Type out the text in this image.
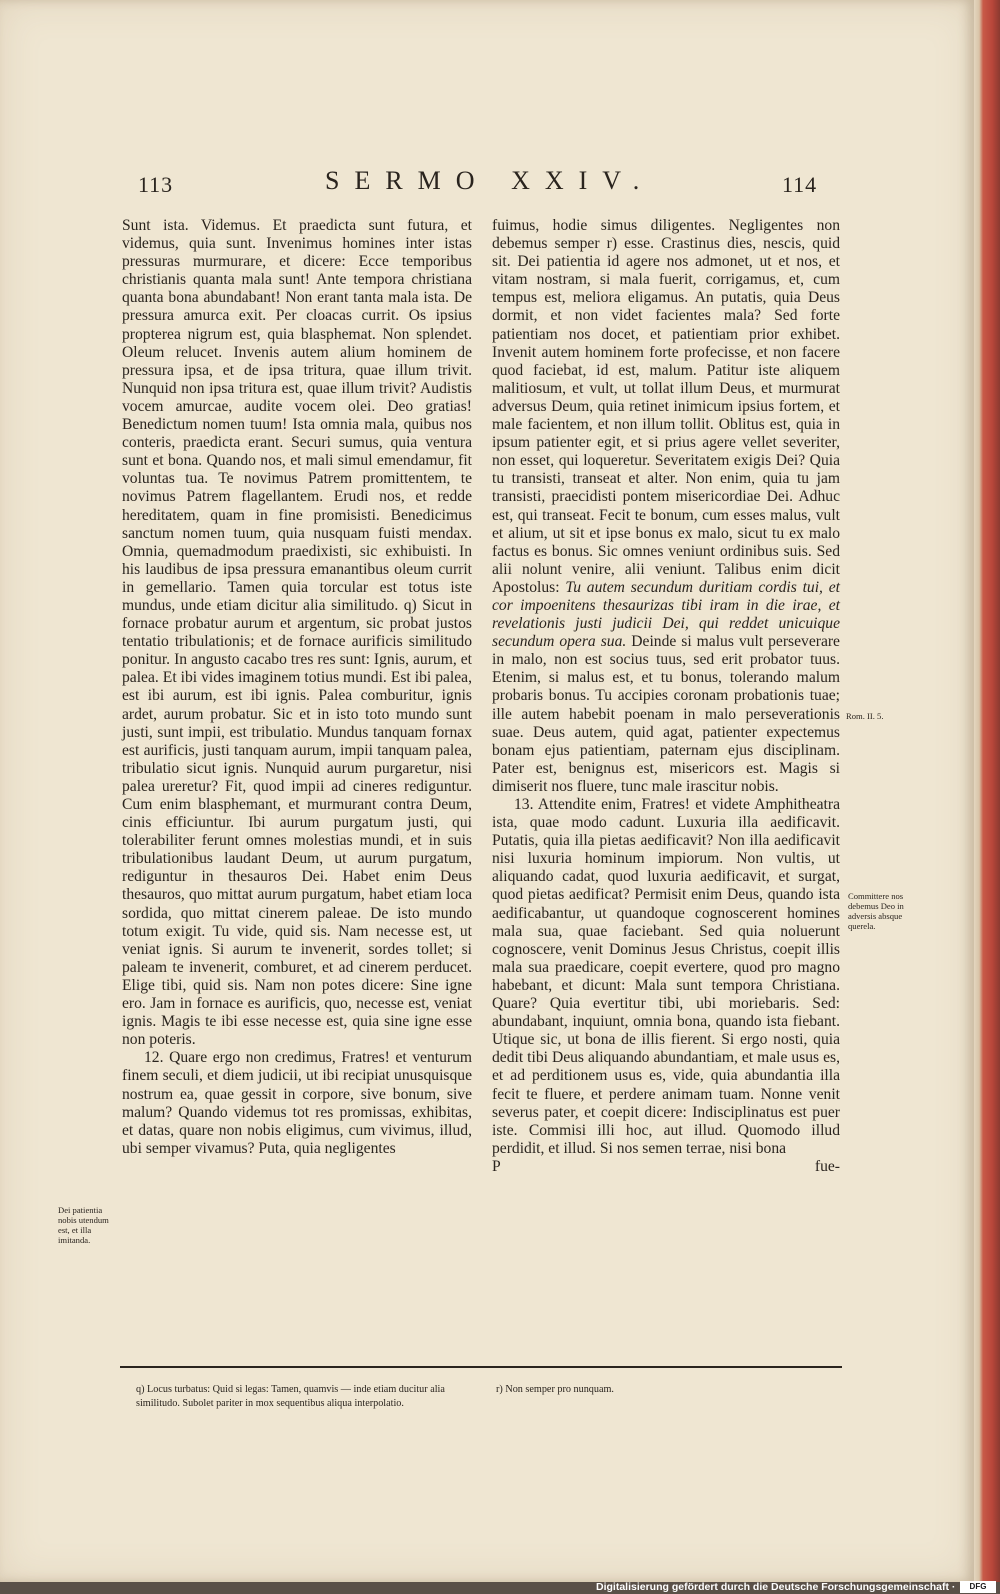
113	SERMO XXIV.	114

Sunt ista. Videmus. Et praedicta sunt futura, et videmus, quia sunt. Invenimus homines inter istas pressuras murmurare, et dicere: Ecce temporibus christianis quanta mala sunt! Ante tempora christiana quanta bona abundabant! Non erant tanta mala ista. De pressura amurca exit. Per cloacas currit. Os ipsius propterea nigrum est, quia blasphemat. Non splendet. Oleum relucet. Invenis autem alium hominem de pressura ipsa, et de ipsa tritura, quae illum trivit. Nunquid non ipsa tritura est, quae illum trivit? Audistis vocem amurcae, audite vocem olei. Deo gratias! Benedictum nomen tuum! Ista omnia mala, quibus nos conteris, praedicta erant. Securi sumus, quia ventura sunt et bona. Quando nos, et mali simul emendamur, fit voluntas tua. Te novimus Patrem promittentem, te novimus Patrem flagellantem. Erudi nos, et redde hereditatem, quam in fine promisisti. Benedicimus sanctum nomen tuum, quia nusquam fuisti mendax. Omnia, quemadmodum praedixisti, sic exhibuisti. In his laudibus de ipsa pressura emanantibus oleum currit in gemellario. Tamen quia torcular est totus iste mundus, unde etiam dicitur alia similitudo. q) Sicut in fornace probatur aurum et argentum, sic probat justos tentatio tribulationis; et de fornace aurificis similitudo ponitur. In angusto cacabo tres res sunt: Ignis, aurum, et palea. Et ibi vides imaginem totius mundi. Est ibi palea, est ibi aurum, est ibi ignis. Palea comburitur, ignis ardet, aurum probatur. Sic et in isto toto mundo sunt justi, sunt impii, est tribulatio. Mundus tanquam fornax est aurificis, justi tanquam aurum, impii tanquam palea, tribulatio sicut ignis. Nunquid aurum purgaretur, nisi palea ureretur? Fit, quod impii ad cineres rediguntur. Cum enim blasphemant, et murmurant contra Deum, cinis efficiuntur. Ibi aurum purgatum justi, qui tolerabiliter ferunt omnes molestias mundi, et in suis tribulationibus laudant Deum, ut aurum purgatum, rediguntur in thesauros Dei. Habet enim Deus thesauros, quo mittat aurum purgatum, habet etiam loca sordida, quo mittat cinerem paleae. De isto mundo totum exigit. Tu vide, quid sis. Nam necesse est, ut veniat ignis. Si aurum te invenerit, sordes tollet; si paleam te invenerit, comburet, et ad cinerem perducet. Elige tibi, quid sis. Nam non potes dicere: Sine igne ero. Jam in fornace es aurificis, quo, necesse est, veniat ignis. Magis te ibi esse necesse est, quia sine igne esse non poteris.

12. Quare ergo non credimus, Fratres! et venturum finem seculi, et diem judicii, ut ibi recipiat unusquisque nostrum ea, quae gessit in corpore, sive bonum, sive malum? Quando videmus tot res promissas, exhibitas, et datas, quare non nobis eligimus, cum vivimus, illud, ubi semper vivamus? Puta, quia negligentes

fuimus, hodie simus diligentes. Negligentes non debemus semper r) esse. Crastinus dies, nescis, quid sit. Dei patientia id agere nos admonet, ut et nos, et vitam nostram, si mala fuerit, corrigamus, et, cum tempus est, meliora eligamus. An putatis, quia Deus dormit, et non videt facientes mala? Sed forte patientiam nos docet, et patientiam prior exhibet. Invenit autem hominem forte profecisse, et non facere quod faciebat, id est, malum. Patitur iste aliquem malitiosum, et vult, ut tollat illum Deus, et murmurat adversus Deum, quia retinet inimicum ipsius fortem, et male facientem, et non illum tollit. Oblitus est, quia in ipsum patienter egit, et si prius agere vellet severiter, non esset, qui loqueretur. Severitatem exigis Dei? Quia tu transisti, transeat et alter. Non enim, quia tu jam transisti, praecidisti pontem misericordiae Dei. Adhuc est, qui transeat. Fecit te bonum, cum esses malus, vult et alium, ut sit et ipse bonus ex malo, sicut tu ex malo factus es bonus. Sic omnes veniunt ordinibus suis. Sed alii nolunt venire, alii veniunt. Talibus enim dicit Apostolus: Tu autem secundum duritiam cordis tui, et cor impoenitens thesaurizas tibi iram in die irae, et revelationis justi judicii Dei, qui reddet unicuique secundum opera sua. Deinde si malus vult perseverare in malo, non est socius tuus, sed erit probator tuus. Etenim, si malus est, et tu bonus, tolerando malum probaris bonus. Tu accipies coronam probationis tuae; ille autem habebit poenam in malo perseverationis suae. Deus autem, quid agat, patienter expectemus bonam ejus patientiam, paternam ejus disciplinam. Pater est, benignus est, misericors est. Magis si dimiserit nos fluere, tunc male irascitur nobis.

13. Attendite enim, Fratres! et videte Amphitheatra ista, quae modo cadunt. Luxuria illa aedificavit. Putatis, quia illa pietas aedificavit? Non illa aedificavit nisi luxuria hominum impiorum. Non vultis, ut aliquando cadat, quod luxuria aedificavit, et surgat, quod pietas aedificat? Permisit enim Deus, quando ista aedificabantur, ut quandoque cognoscerent homines mala sua, quae faciebant. Sed quia noluerunt cognoscere, venit Dominus Jesus Christus, coepit illis mala sua praedicare, coepit evertere, quod pro magno habebant, et dicunt: Mala sunt tempora Christiana. Quare? Quia evertitur tibi, ubi moriebaris. Sed: abundabant, inquiunt, omnia bona, quando ista fiebant. Utique sic, ut bona de illis fierent. Si ergo nosti, quia dedit tibi Deus aliquando abundantiam, et male usus es, et ad perditionem usus es, vide, quia abundantia illa fecit te fluere, et perdere animam tuam. Nonne venit severus pater, et coepit dicere: Indisciplinatus est puer iste. Commisi illi hoc, aut illud. Quomodo illud perdidit, et illud. Si nos semen terrae, nisi bona

P	fue-
Dei patientia nobis utendum est, et illa imitanda.
Rom. II. 5.
Committere nos debemus Deo in adversis absque querela.
q) Locus turbatus: Quid si legas: Tamen, quamvis — inde etiam ducitur alia similitudo. Subolet pariter in mox sequentibus aliqua interpolatio.
r) Non semper pro nunquam.
Digitalisierung gefördert durch die Deutsche Forschungsgemeinschaft ·	DFG
